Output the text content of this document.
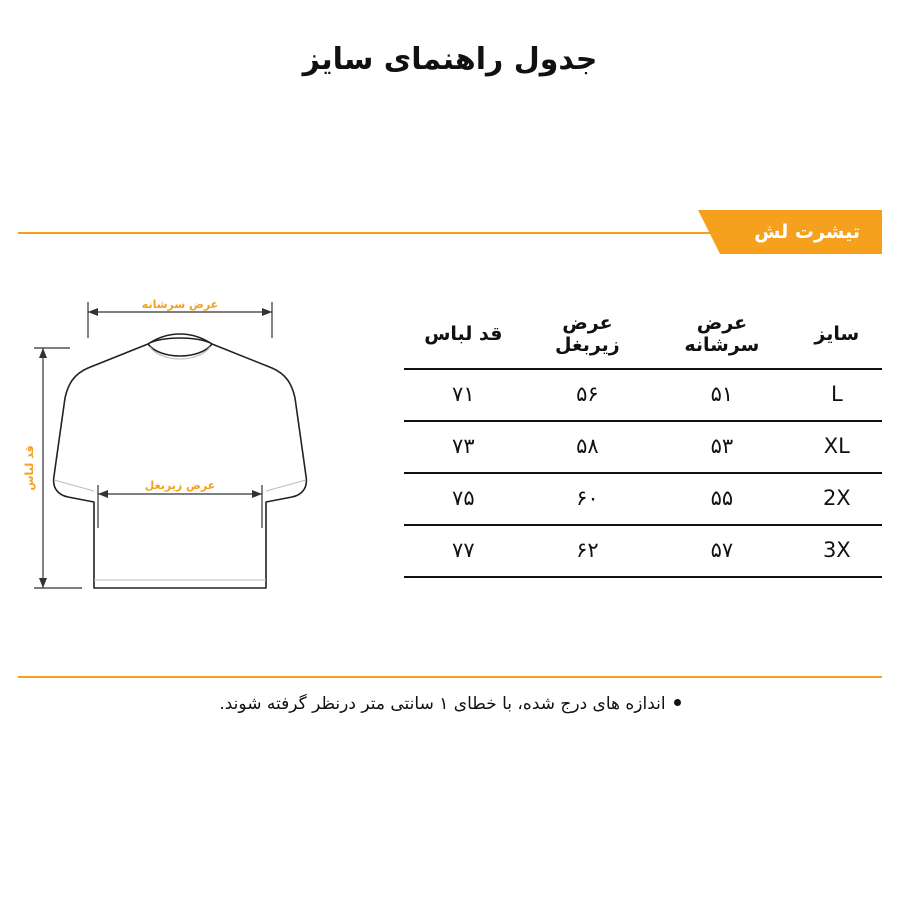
جدول راهنمای سایز
تیشرت لش
عرض سرشانه
قد لباس	عرض زیربغل
سایز	عرض سرشانه	عرض زیربغل	قد لباس
L	۵۱	۵۶	۷۱
XL	۵۳	۵۸	۷۳
2X	۵۵	۶۰	۷۵
3X	۵۷	۶۲	۷۷
اندازه های درج شده، با خطای ۱ سانتی متر درنظر گرفته شوند.
